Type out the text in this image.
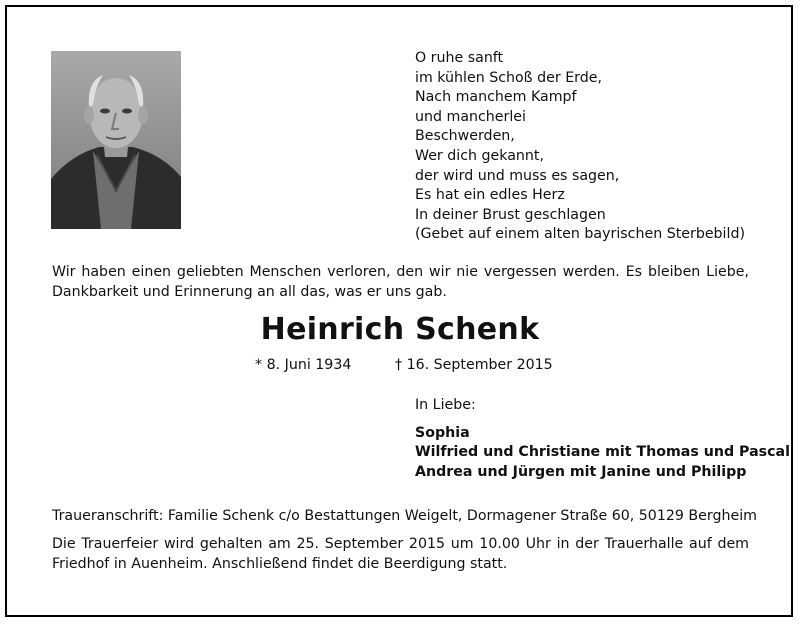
O ruhe sanft
im kühlen Schoß der Erde,
Nach manchem Kampf
und mancherlei
Beschwerden,
Wer dich gekannt,
der wird und muss es sagen,
Es hat ein edles Herz
In deiner Brust geschlagen
(Gebet auf einem alten bayrischen Sterbebild)
Wir haben einen geliebten Menschen verloren, den wir nie vergessen werden. Es bleiben Liebe, Dankbarkeit und Erinnerung an all das, was er uns gab.
Heinrich Schenk
* 8. Juni 1934	† 16. September 2015
In Liebe:
Sophia
Wilfried und Christiane mit Thomas und Pascal
Andrea und Jürgen mit Janine und Philipp
Traueranschrift: Familie Schenk c/o Bestattungen Weigelt, Dormagener Straße 60, 50129 Bergheim
Die Trauerfeier wird gehalten am 25. September 2015 um 10.00 Uhr in der Trauerhalle auf dem Friedhof in Auenheim. Anschließend findet die Beerdigung statt.
